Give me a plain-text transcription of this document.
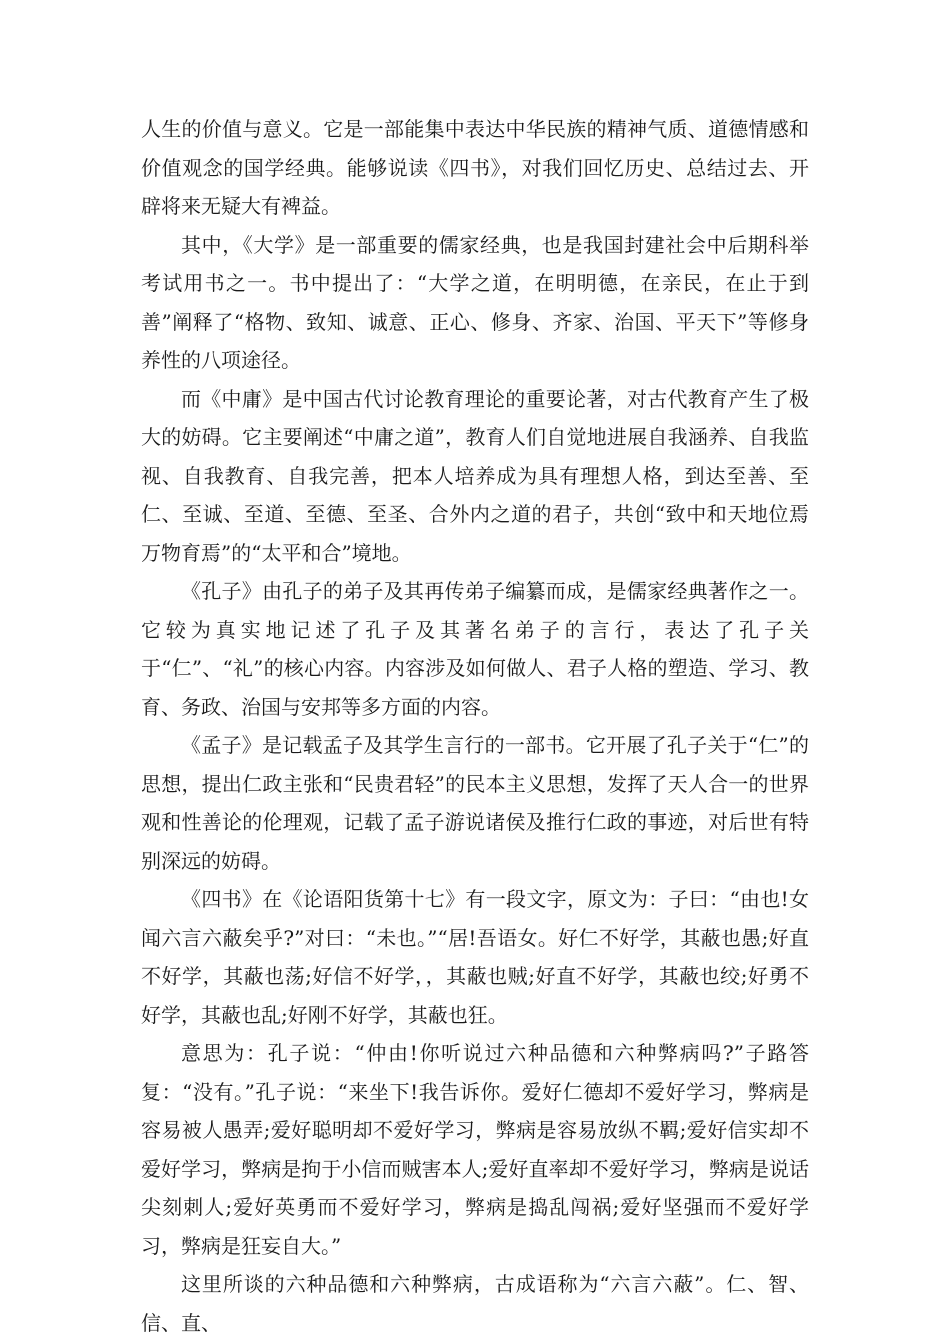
人生的价值与意义。它是一部能集中表达中华民族的精神气质、道德情感和价值观念的国学经典。能够说读《四书》，对我们回忆历史、总结过去、开辟将来无疑大有裨益。

其中，《大学》是一部重要的儒家经典，也是我国封建社会中后期科举考试用书之一。书中提出了：“大学之道，在明明德，在亲民，在止于到善”阐释了“格物、致知、诚意、正心、修身、齐家、治国、平天下”等修身养性的八项途径。

而《中庸》是中国古代讨论教育理论的重要论著，对古代教育产生了极大的妨碍。它主要阐述“中庸之道”，教育人们自觉地进展自我涵养、自我监视、自我教育、自我完善，把本人培养成为具有理想人格，到达至善、至仁、至诚、至道、至德、至圣、合外内之道的君子，共创“致中和天地位焉万物育焉”的“太平和合”境地。

《孔子》由孔子的弟子及其再传弟子编纂而成，是儒家经典著作之一。它较为真实地记述了孔子及其著名弟子的言行，表达了孔子关于“仁”、“礼”的核心内容。内容涉及如何做人、君子人格的塑造、学习、教育、务政、治国与安邦等多方面的内容。

《孟子》是记载孟子及其学生言行的一部书。它开展了孔子关于“仁”的思想，提出仁政主张和“民贵君轻”的民本主义思想，发挥了天人合一的世界观和性善论的伦理观，记载了孟子游说诸侯及推行仁政的事迹，对后世有特别深远的妨碍。

《四书》在《论语阳货第十七》有一段文字，原文为：子曰：“由也!女闻六言六蔽矣乎?”对曰：“未也。”“居!吾语女。好仁不好学，其蔽也愚;好直不好学，其蔽也荡;好信不好学，，其蔽也贼;好直不好学，其蔽也绞;好勇不好学，其蔽也乱;好刚不好学，其蔽也狂。

意思为：孔子说：“仲由!你听说过六种品德和六种弊病吗?”子路答复：“没有。”孔子说：“来坐下!我告诉你。爱好仁德却不爱好学习，弊病是容易被人愚弄;爱好聪明却不爱好学习，弊病是容易放纵不羁;爱好信实却不爱好学习，弊病是拘于小信而贼害本人;爱好直率却不爱好学习，弊病是说话尖刻刺人;爱好英勇而不爱好学习，弊病是捣乱闯祸;爱好坚强而不爱好学习，弊病是狂妄自大。”

这里所谈的六种品德和六种弊病，古成语称为“六言六蔽”。仁、智、信、直、
